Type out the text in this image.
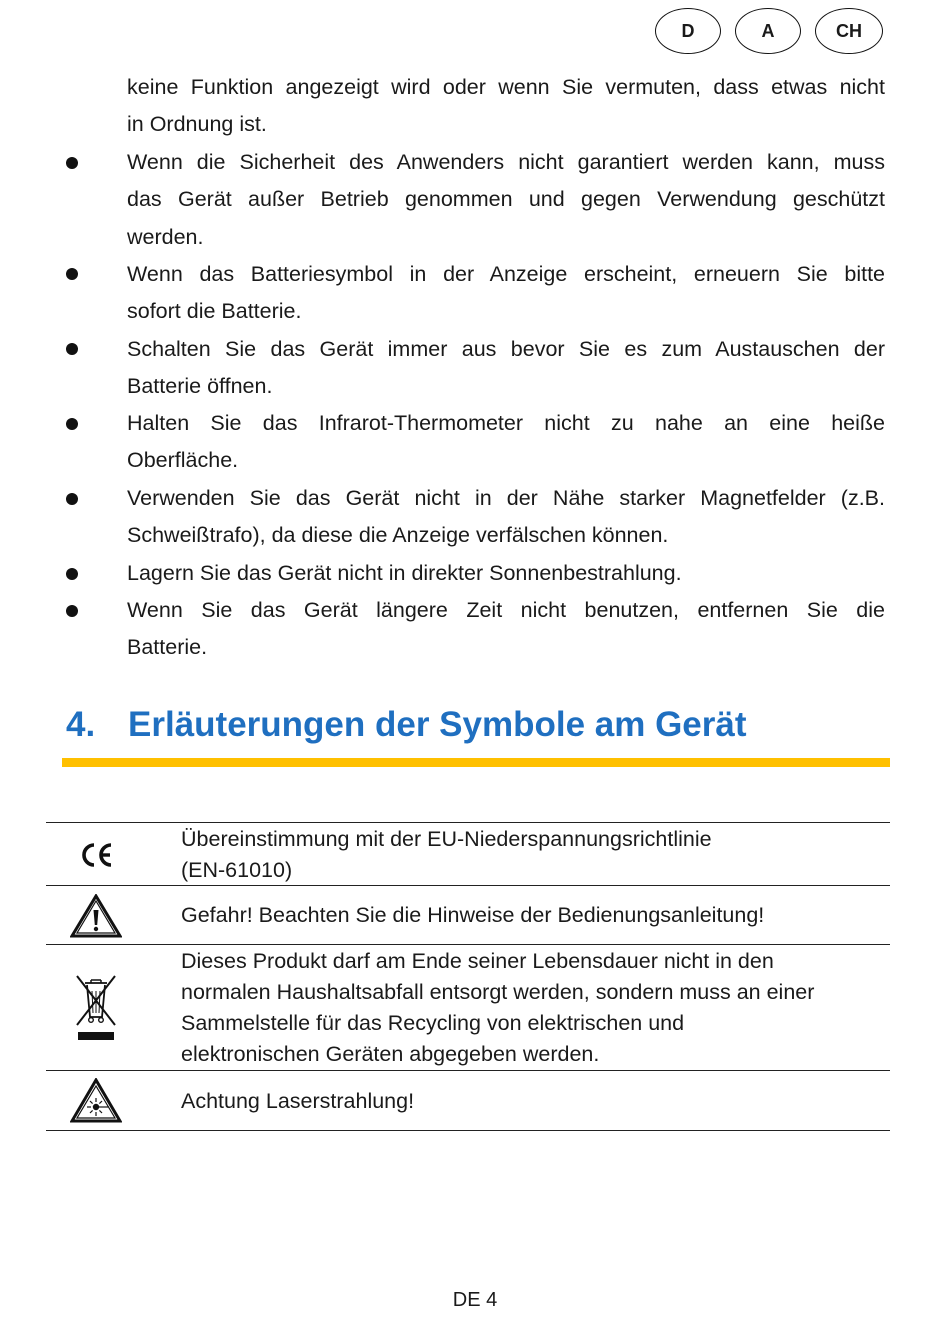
D	A	CH
keine Funktion angezeigt wird oder wenn Sie vermuten, dass etwas nicht
in Ordnung ist.
Wenn die Sicherheit des Anwenders nicht garantiert werden kann, muss
das Gerät außer Betrieb genommen und gegen Verwendung geschützt
werden.
Wenn das Batteriesymbol in der Anzeige erscheint, erneuern Sie bitte
sofort die Batterie.
Schalten Sie das Gerät immer aus bevor Sie es zum Austauschen der
Batterie öffnen.
Halten Sie das Infrarot-Thermometer nicht zu nahe an eine heiße
Oberfläche.
Verwenden Sie das Gerät nicht in der Nähe starker Magnetfelder (z.B.
Schweißtrafo), da diese die Anzeige verfälschen können.
Lagern Sie das Gerät nicht in direkter Sonnenbestrahlung.
Wenn Sie das Gerät längere Zeit nicht benutzen, entfernen Sie die
Batterie.
4. Erläuterungen der Symbole am Gerät
Übereinstimmung mit der EU-Niederspannungsrichtlinie
(EN-61010)
Gefahr! Beachten Sie die Hinweise der Bedienungsanleitung!
Dieses Produkt darf am Ende seiner Lebensdauer nicht in den
normalen Haushaltsabfall entsorgt werden, sondern muss an einer
Sammelstelle für das Recycling von elektrischen und
elektronischen Geräten abgegeben werden.
Achtung Laserstrahlung!
DE 4
